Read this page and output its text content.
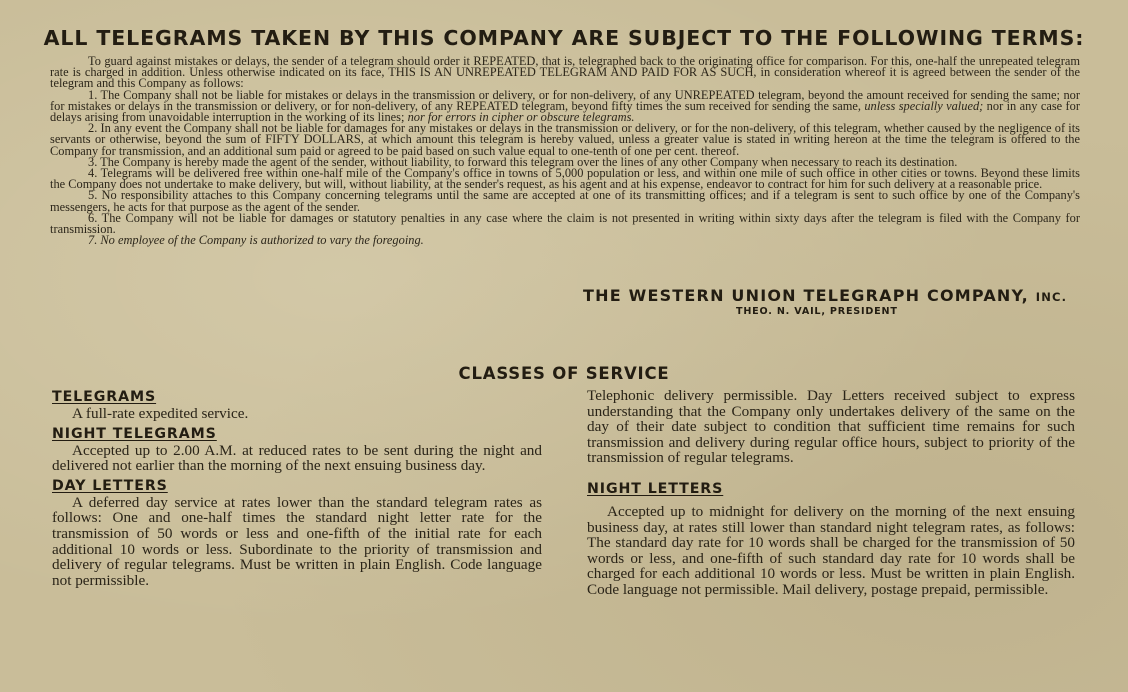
ALL TELEGRAMS TAKEN BY THIS COMPANY ARE SUBJECT TO THE FOLLOWING TERMS:

To guard against mistakes or delays, the sender of a telegram should order it REPEATED, that is, telegraphed back to the originating office for comparison. For this, one-half the unrepeated telegram rate is charged in addition. Unless otherwise indicated on its face, THIS IS AN UNREPEATED TELEGRAM AND PAID FOR AS SUCH, in consideration whereof it is agreed between the sender of the telegram and this Company as follows:

1. The Company shall not be liable for mistakes or delays in the transmission or delivery, or for non-delivery, of any UNREPEATED telegram, beyond the amount received for sending the same; nor for mistakes or delays in the transmission or delivery, or for non-delivery, of any REPEATED telegram, beyond fifty times the sum received for sending the same, unless specially valued; nor in any case for delays arising from unavoidable interruption in the working of its lines; nor for errors in cipher or obscure telegrams.

2. In any event the Company shall not be liable for damages for any mistakes or delays in the transmission or delivery, or for the non-delivery, of this telegram, whether caused by the negligence of its servants or otherwise, beyond the sum of FIFTY DOLLARS, at which amount this telegram is hereby valued, unless a greater value is stated in writing hereon at the time the telegram is offered to the Company for transmission, and an additional sum paid or agreed to be paid based on such value equal to one-tenth of one per cent. thereof.

3. The Company is hereby made the agent of the sender, without liability, to forward this telegram over the lines of any other Company when necessary to reach its destination.

4. Telegrams will be delivered free within one-half mile of the Company's office in towns of 5,000 population or less, and within one mile of such office in other cities or towns. Beyond these limits the Company does not undertake to make delivery, but will, without liability, at the sender's request, as his agent and at his expense, endeavor to contract for him for such delivery at a reasonable price.

5. No responsibility attaches to this Company concerning telegrams until the same are accepted at one of its transmitting offices; and if a telegram is sent to such office by one of the Company's messengers, he acts for that purpose as the agent of the sender.

6. The Company will not be liable for damages or statutory penalties in any case where the claim is not presented in writing within sixty days after the telegram is filed with the Company for transmission.

7. No employee of the Company is authorized to vary the foregoing.

THE WESTERN UNION TELEGRAPH COMPANY, INC.
THEO. N. VAIL, PRESIDENT
CLASSES OF SERVICE
TELEGRAMS

A full-rate expedited service.

NIGHT TELEGRAMS

Accepted up to 2.00 A.M. at reduced rates to be sent during the night and delivered not earlier than the morning of the next ensuing business day.

DAY LETTERS

A deferred day service at rates lower than the standard telegram rates as follows: One and one-half times the standard night letter rate for the transmission of 50 words or less and one-fifth of the initial rate for each additional 10 words or less. Subordinate to the priority of transmission and delivery of regular telegrams. Must be written in plain English. Code language not permissible.

Telephonic delivery permissible. Day Letters received subject to express understanding that the Company only undertakes delivery of the same on the day of their date subject to condition that sufficient time remains for such transmission and delivery during regular office hours, subject to priority of the transmission of regular telegrams.

NIGHT LETTERS

Accepted up to midnight for delivery on the morning of the next ensuing business day, at rates still lower than standard night telegram rates, as follows: The standard day rate for 10 words shall be charged for the transmission of 50 words or less, and one-fifth of such standard day rate for 10 words shall be charged for each additional 10 words or less. Must be written in plain English. Code language not permissible. Mail delivery, postage prepaid, permissible.
